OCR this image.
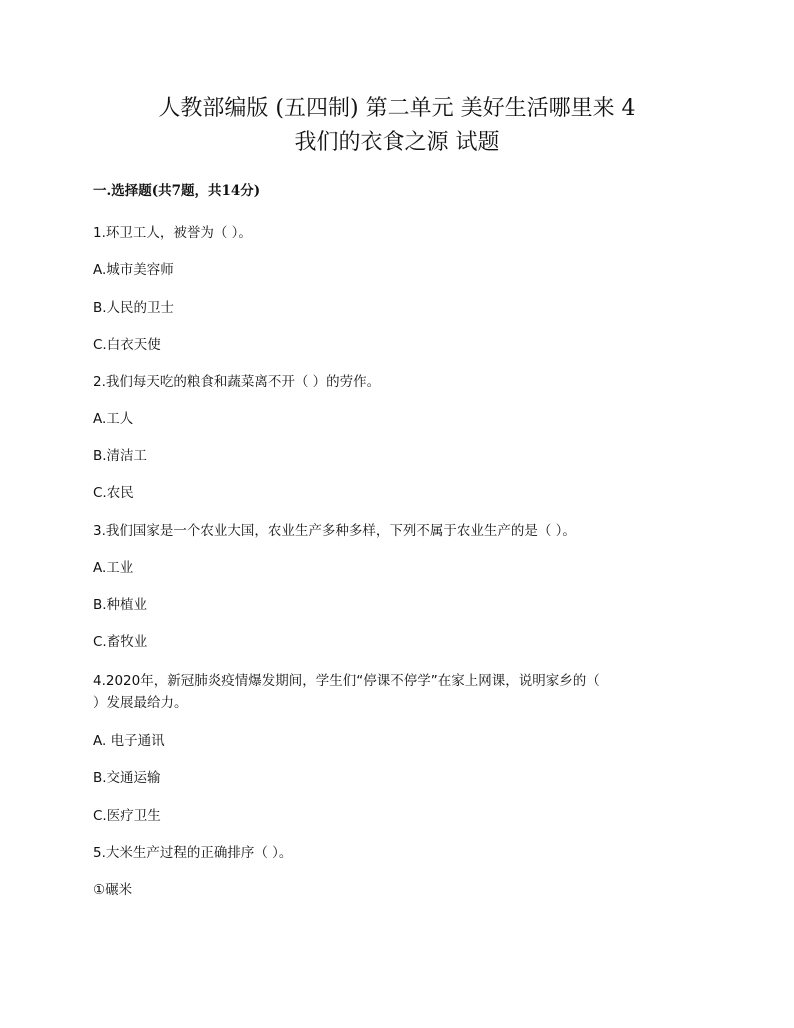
人教部编版 (五四制) 第二单元 美好生活哪里来 4
我们的衣食之源 试题
一.选择题(共7题，共14分)
1.环卫工人，被誉为（ ）。
A.城市美容师
B.人民的卫士
C.白衣天使
2.我们每天吃的粮食和蔬菜离不开（ ）的劳作。
A.工人
B.清洁工
C.农民
3.我们国家是一个农业大国，农业生产多种多样，下列不属于农业生产的是（ ）。
A.工业
B.种植业
C.畜牧业
4.2020年，新冠肺炎疫情爆发期间，学生们“停课不停学”在家上网课，说明家乡的（
）发展最给力。
A. 电子通讯
B.交通运输
C.医疗卫生
5.大米生产过程的正确排序（ ）。
①碾米
